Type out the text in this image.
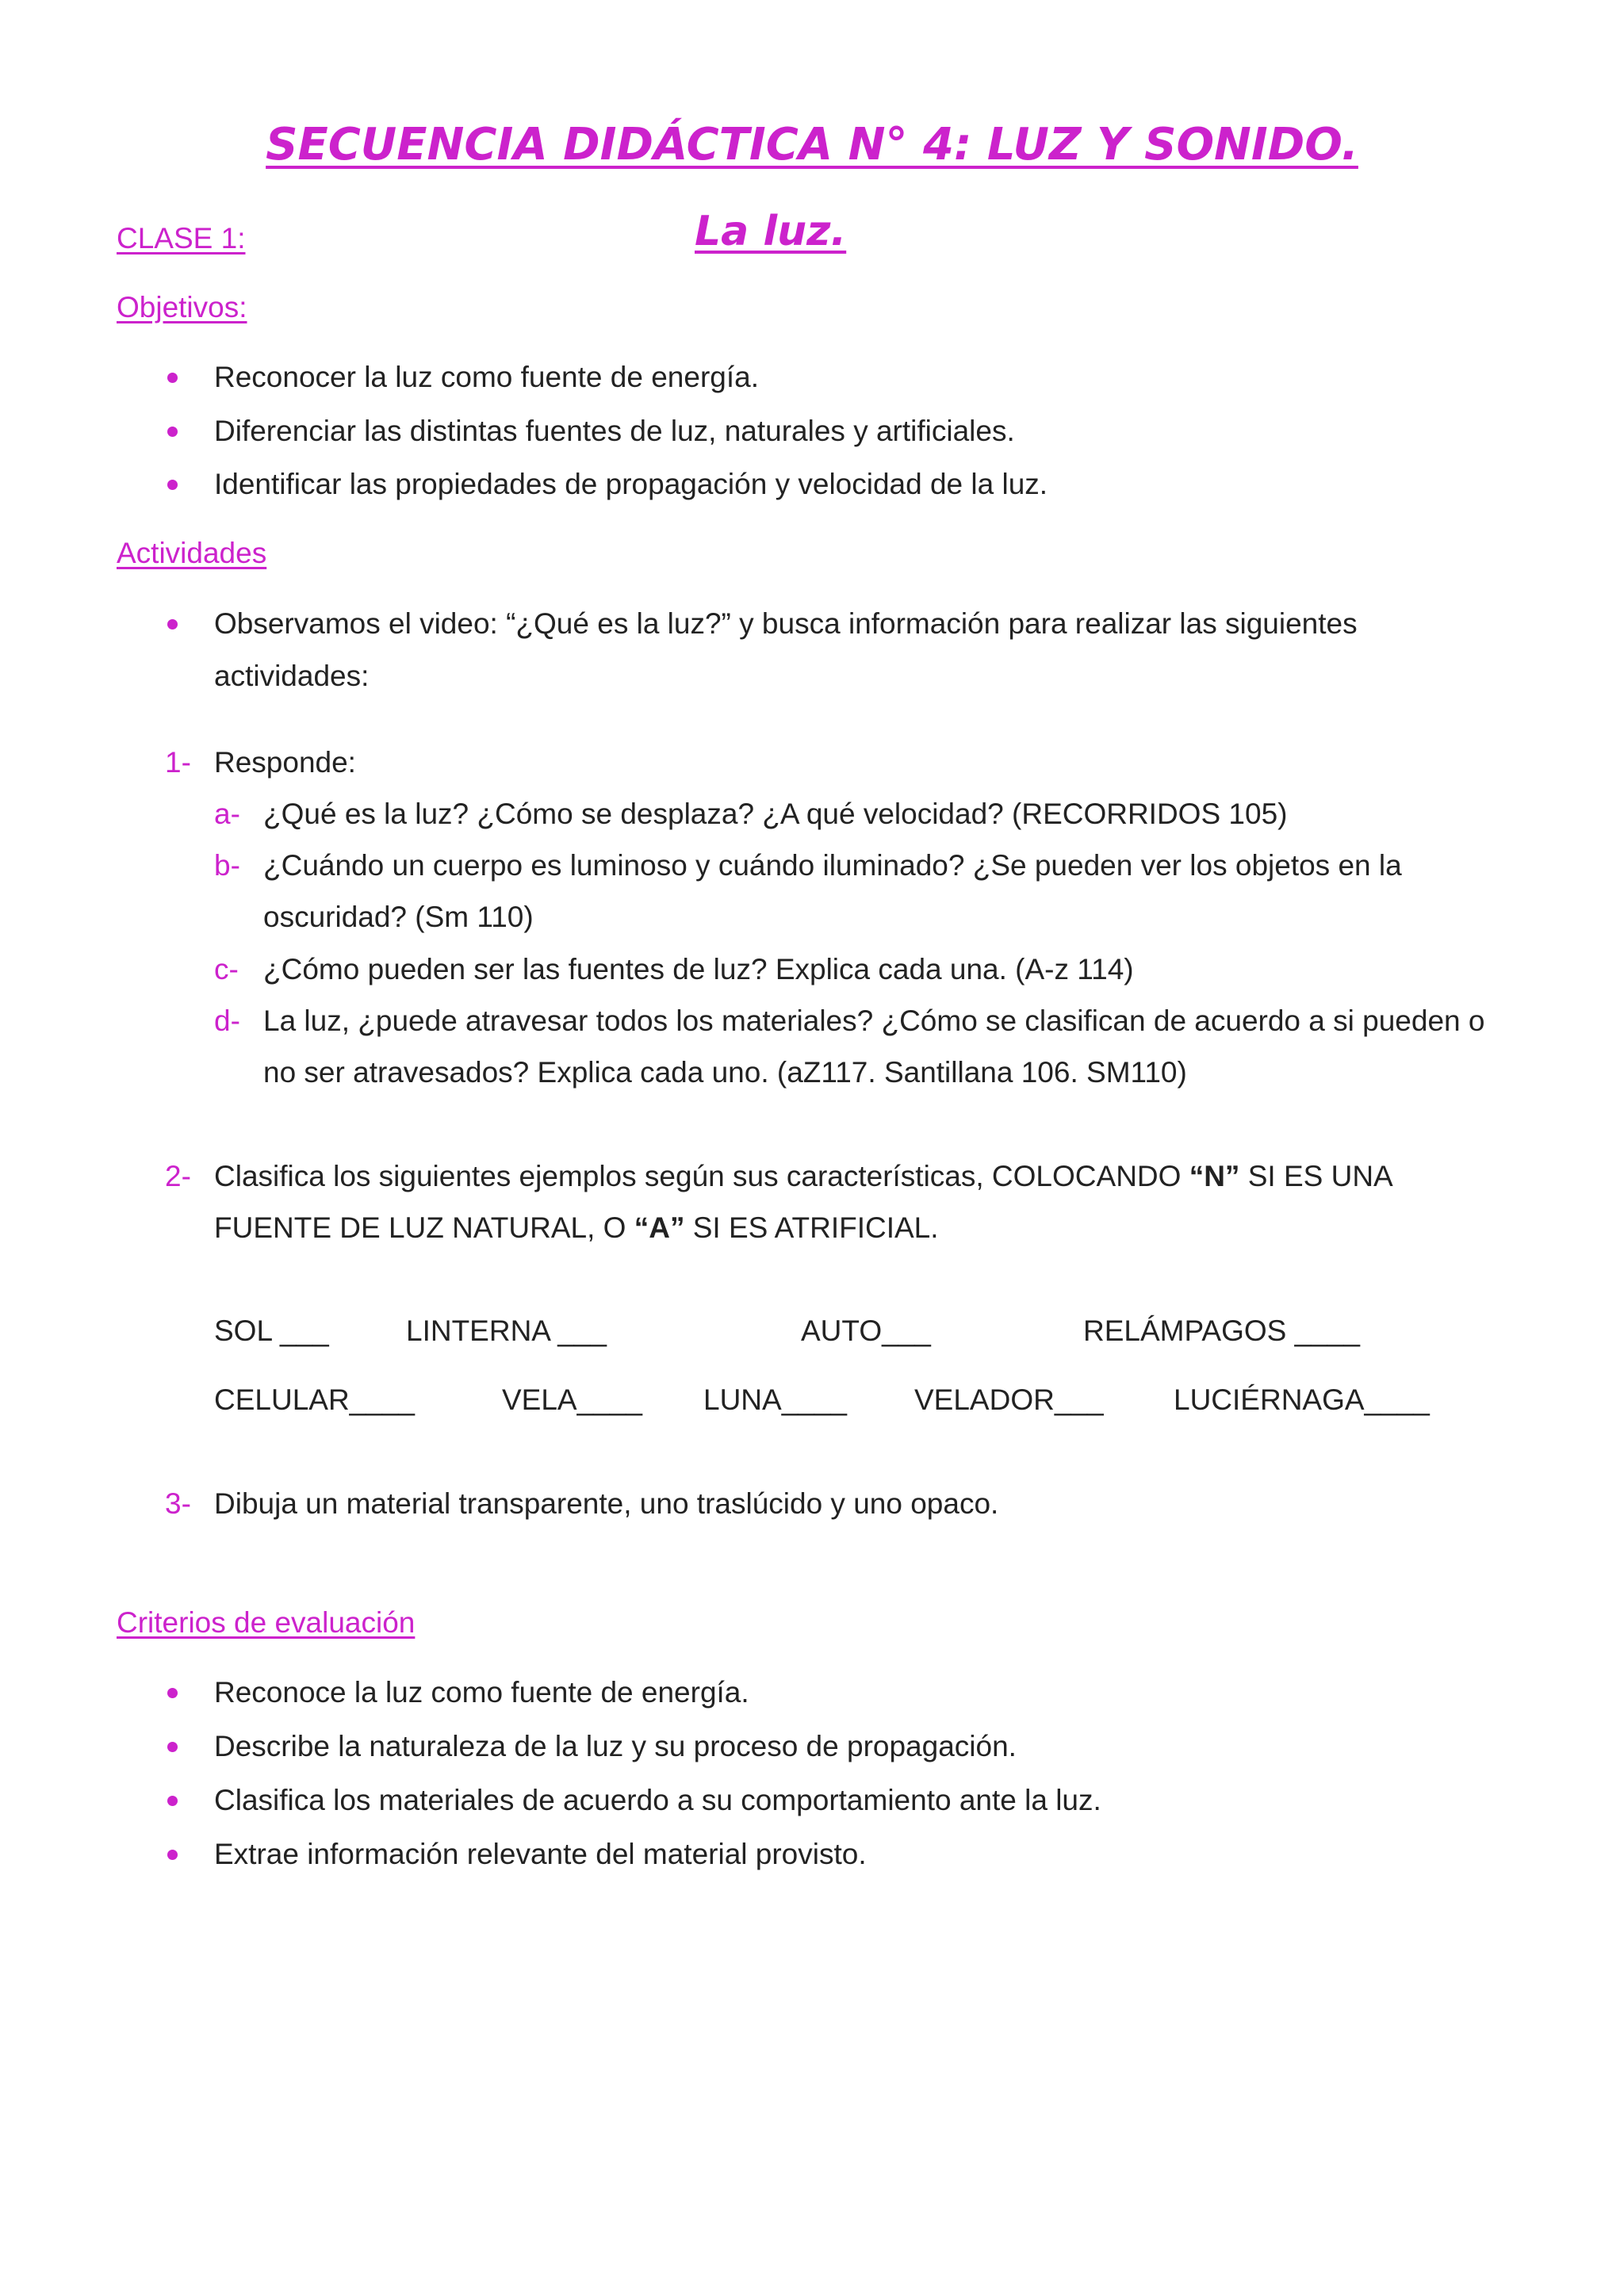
SECUENCIA DIDÁCTICA N° 4: LUZ Y SONIDO.
CLASE 1:	La luz.
Objetivos:
Reconocer la luz como fuente de energía.
Diferenciar las distintas fuentes de luz, naturales y artificiales.
Identificar las propiedades de propagación y velocidad de la luz.
Actividades
Observamos el video: “¿Qué es la luz?” y busca información para realizar las siguientes
actividades:
1- Responde:
a- ¿Qué es la luz? ¿Cómo se desplaza? ¿A qué velocidad? (RECORRIDOS 105)
b- ¿Cuándo un cuerpo es luminoso y cuándo iluminado? ¿Se pueden ver los objetos en la
oscuridad? (Sm 110)
c- ¿Cómo pueden ser las fuentes de luz? Explica cada una. (A-z 114)
d- La luz, ¿puede atravesar todos los materiales? ¿Cómo se clasifican de acuerdo a si pueden o
no ser atravesados? Explica cada uno. (aZ117. Santillana 106. SM110)
2- Clasifica los siguientes ejemplos según sus características, COLOCANDO “N” SI ES UNA
FUENTE DE LUZ NATURAL, O “A” SI ES ATRIFICIAL.
SOL ___	LINTERNA ___	AUTO___	RELÁMPAGOS ____
CELULAR____	VELA____ LUNA____ VELADOR___ LUCIÉRNAGA____
3- Dibuja un material transparente, uno traslúcido y uno opaco.
Criterios de evaluación
Reconoce la luz como fuente de energía.
Describe la naturaleza de la luz y su proceso de propagación.
Clasifica los materiales de acuerdo a su comportamiento ante la luz.
Extrae información relevante del material provisto.
